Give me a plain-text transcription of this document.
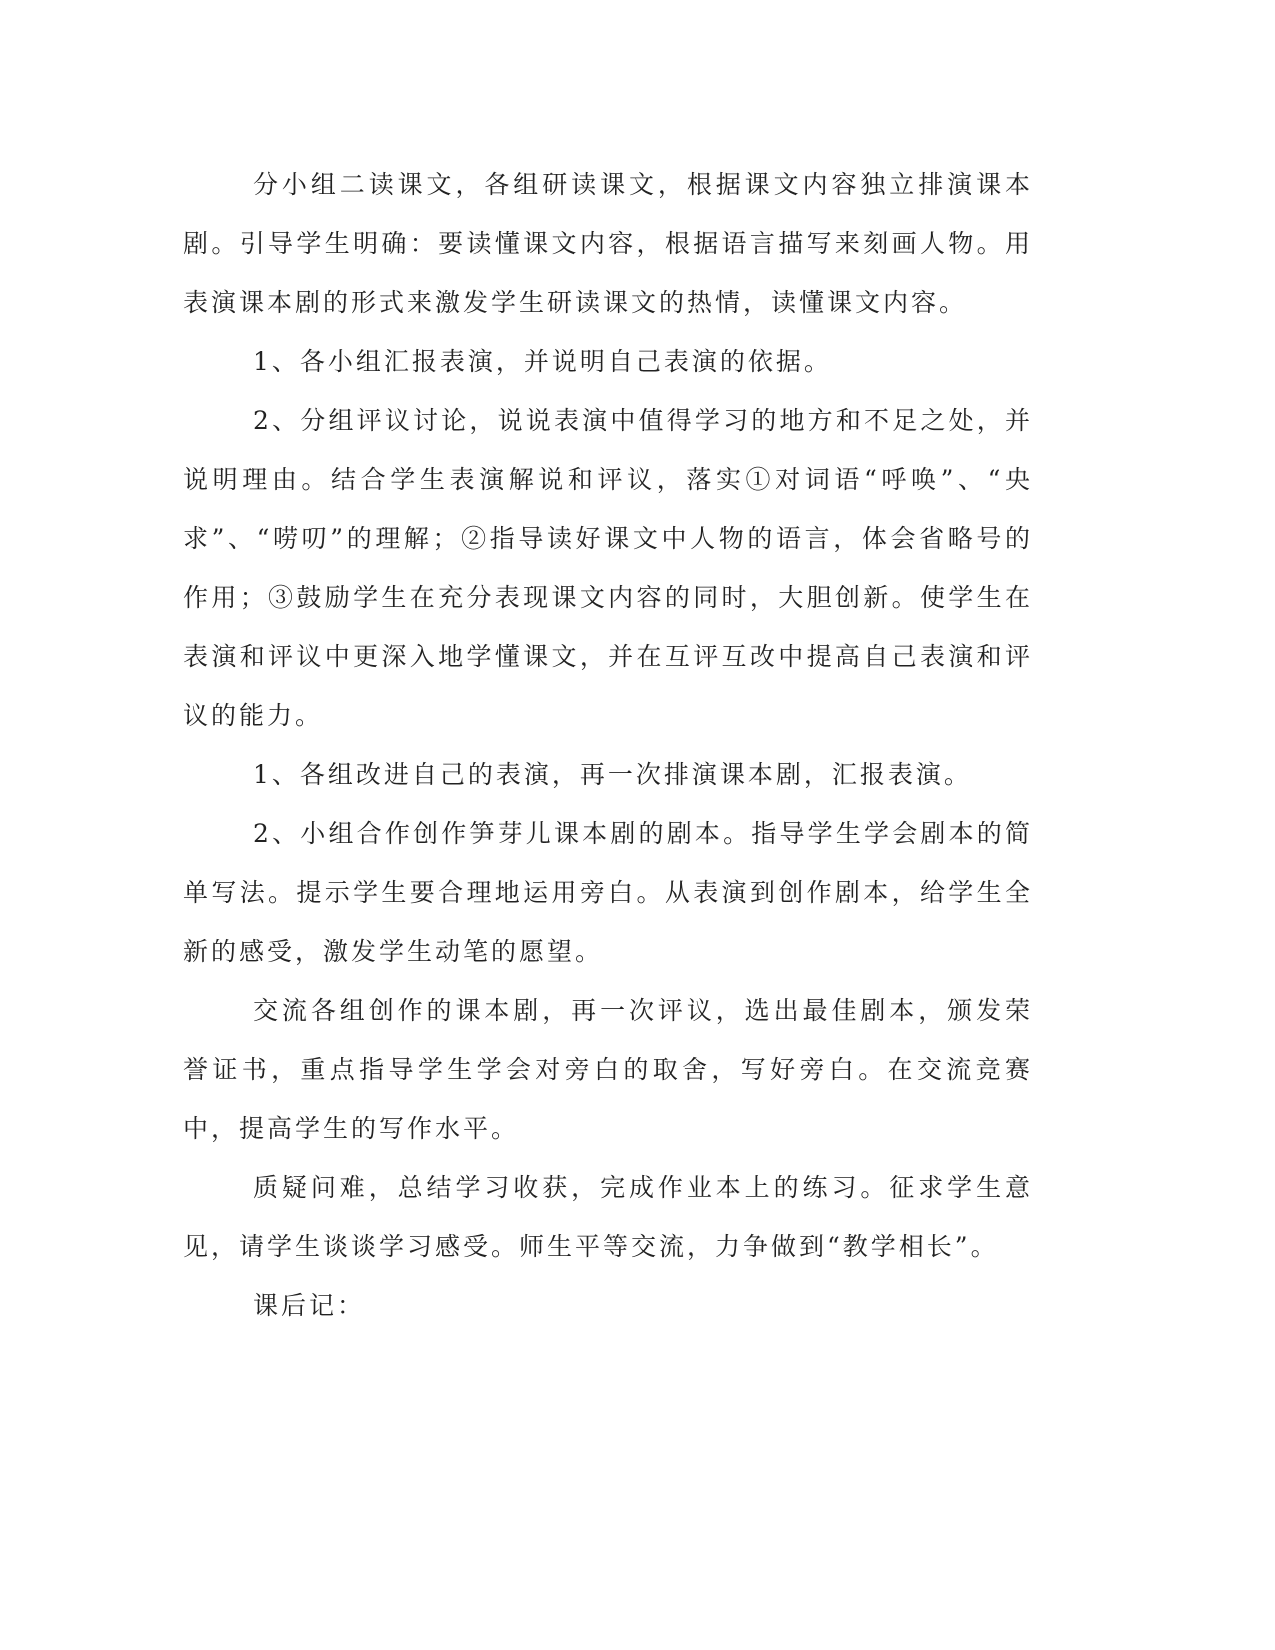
分小组二读课文，各组研读课文，根据课文内容独立排演课本剧。引导学生明确：要读懂课文内容，根据语言描写来刻画人物。用表演课本剧的形式来激发学生研读课文的热情，读懂课文内容。

1、各小组汇报表演，并说明自己表演的依据。

2、分组评议讨论，说说表演中值得学习的地方和不足之处，并说明理由。结合学生表演解说和评议，落实①对词语“呼唤”、“央求”、“唠叨”的理解；②指导读好课文中人物的语言，体会省略号的作用；③鼓励学生在充分表现课文内容的同时，大胆创新。使学生在表演和评议中更深入地学懂课文，并在互评互改中提高自己表演和评议的能力。

1、各组改进自己的表演，再一次排演课本剧，汇报表演。

2、小组合作创作笋芽儿课本剧的剧本。指导学生学会剧本的简单写法。提示学生要合理地运用旁白。从表演到创作剧本，给学生全新的感受，激发学生动笔的愿望。

交流各组创作的课本剧，再一次评议，选出最佳剧本，颁发荣誉证书，重点指导学生学会对旁白的取舍，写好旁白。在交流竞赛中，提高学生的写作水平。

质疑问难，总结学习收获，完成作业本上的练习。征求学生意见，请学生谈谈学习感受。师生平等交流，力争做到“教学相长”。

课后记：
